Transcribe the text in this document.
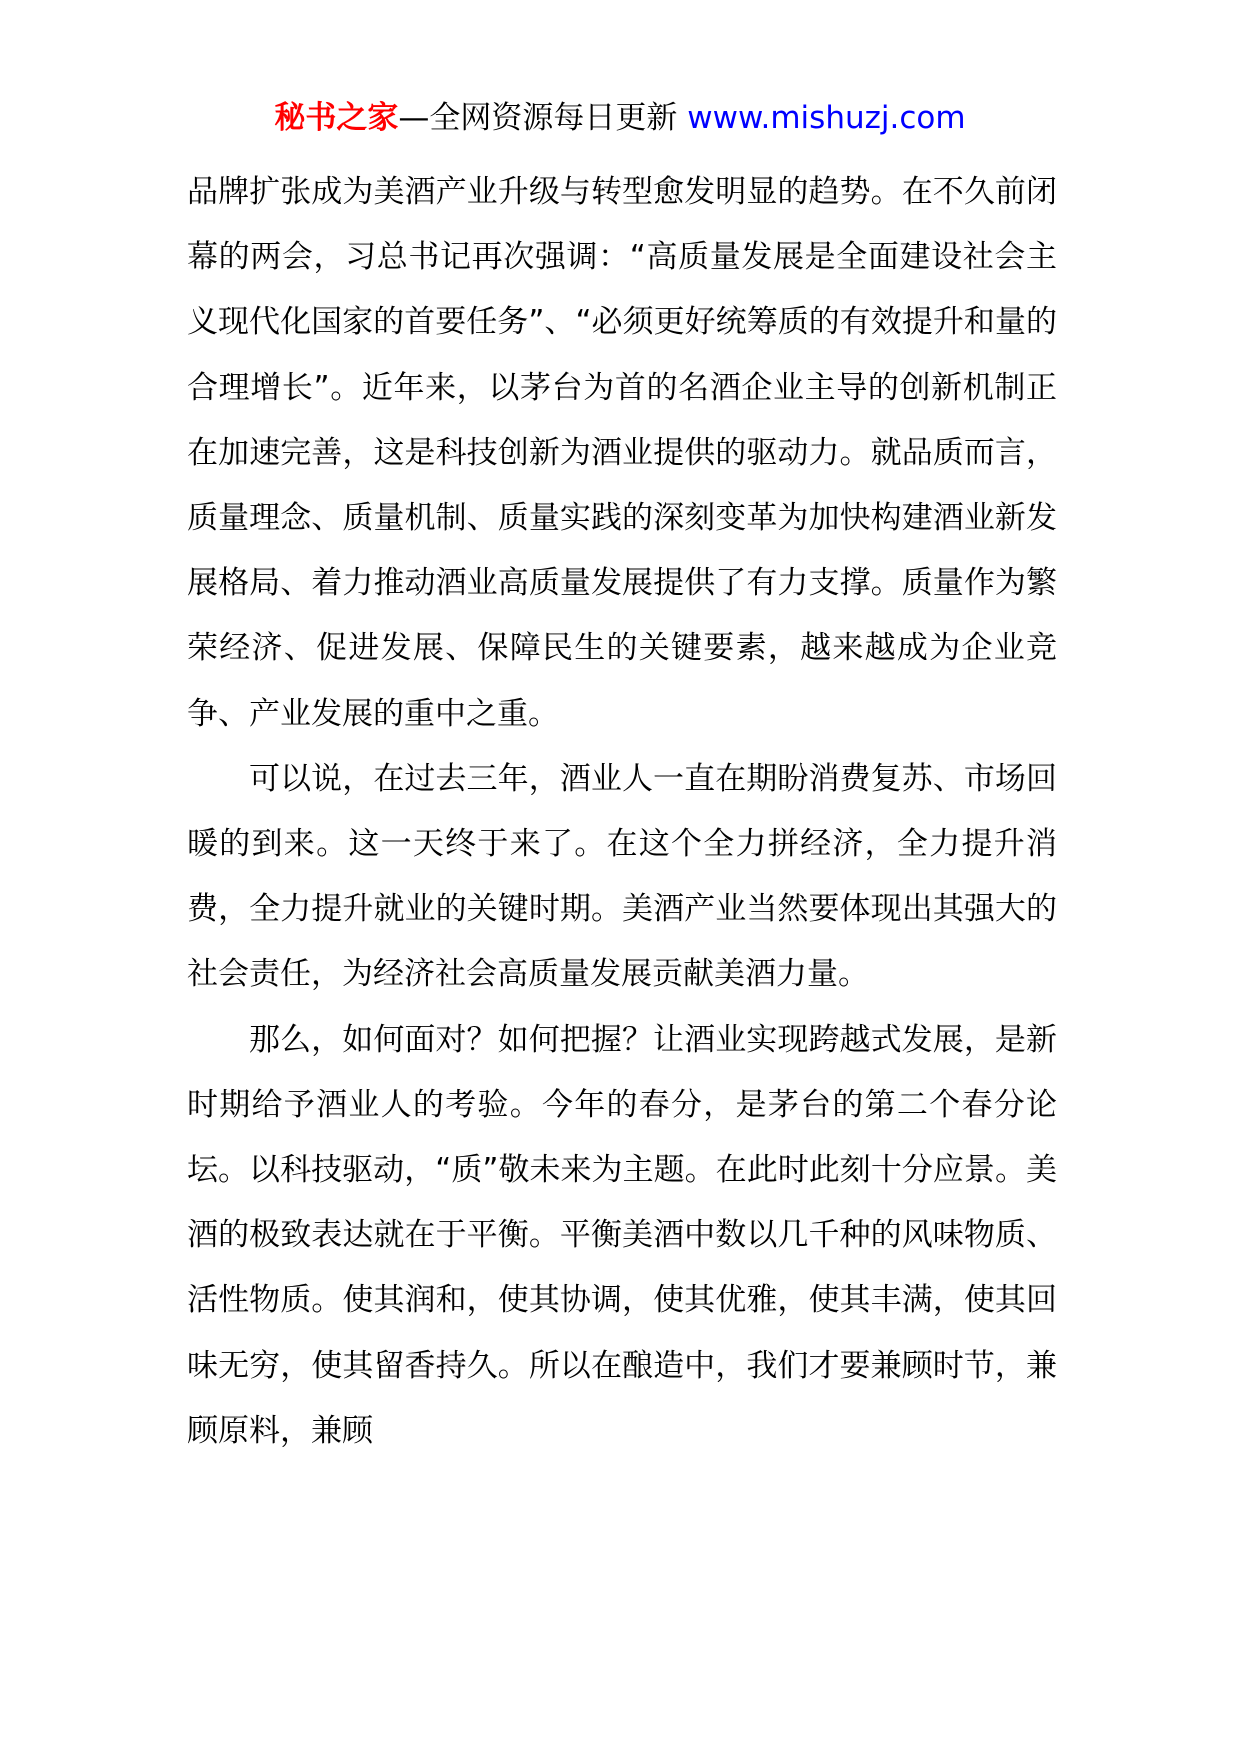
秘书之家—全网资源每日更新 www.mishuzj.com

品牌扩张成为美酒产业升级与转型愈发明显的趋势。在不久前闭幕的两会，习总书记再次强调：“高质量发展是全面建设社会主义现代化国家的首要任务”、“必须更好统筹质的有效提升和量的合理增长”。近年来，以茅台为首的名酒企业主导的创新机制正在加速完善，这是科技创新为酒业提供的驱动力。就品质而言，质量理念、质量机制、质量实践的深刻变革为加快构建酒业新发展格局、着力推动酒业高质量发展提供了有力支撑。质量作为繁荣经济、促进发展、保障民生的关键要素，越来越成为企业竞争、产业发展的重中之重。

可以说，在过去三年，酒业人一直在期盼消费复苏、市场回暖的到来。这一天终于来了。在这个全力拼经济，全力提升消费，全力提升就业的关键时期。美酒产业当然要体现出其强大的社会责任，为经济社会高质量发展贡献美酒力量。

那么，如何面对？如何把握？让酒业实现跨越式发展，是新时期给予酒业人的考验。今年的春分，是茅台的第二个春分论坛。以科技驱动，“质”敬未来为主题。在此时此刻十分应景。美酒的极致表达就在于平衡。平衡美酒中数以几千种的风味物质、活性物质。使其润和，使其协调，使其优雅，使其丰满，使其回味无穷，使其留香持久。所以在酿造中，我们才要兼顾时节，兼顾原料，兼顾
